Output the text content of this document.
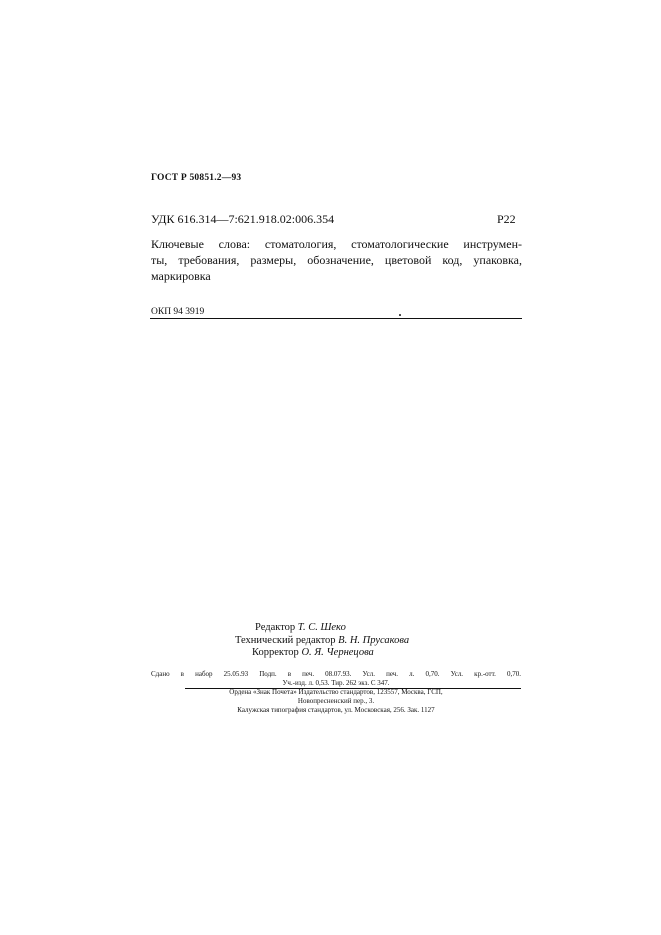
ГОСТ Р 50851.2—93
УДК 616.314—7:621.918.02:006.354	Р22
Ключевые слова: стоматология, стоматологические инструмен-
ты, требования, размеры, обозначение, цветовой код, упаковка,
маркировка
ОКП 94 3919
Редактор Т. С. Шеко
Технический редактор В. Н. Прусакова
Корректор О. Я. Чернецова
Сдано в набор 25.05.93 Подп. в печ. 08.07.93. Усл. печ. л. 0,70. Усл. кр.-отт. 0,70.
Уч.-изд. л. 0,53. Тир. 262 экз. С 347.
Ордена «Знак Почета» Издательство стандартов, 123557, Москва, ГСП,
Новопресненский пер., 3.
Калужская типография стандартов, ул. Московская, 256. Зак. 1127
